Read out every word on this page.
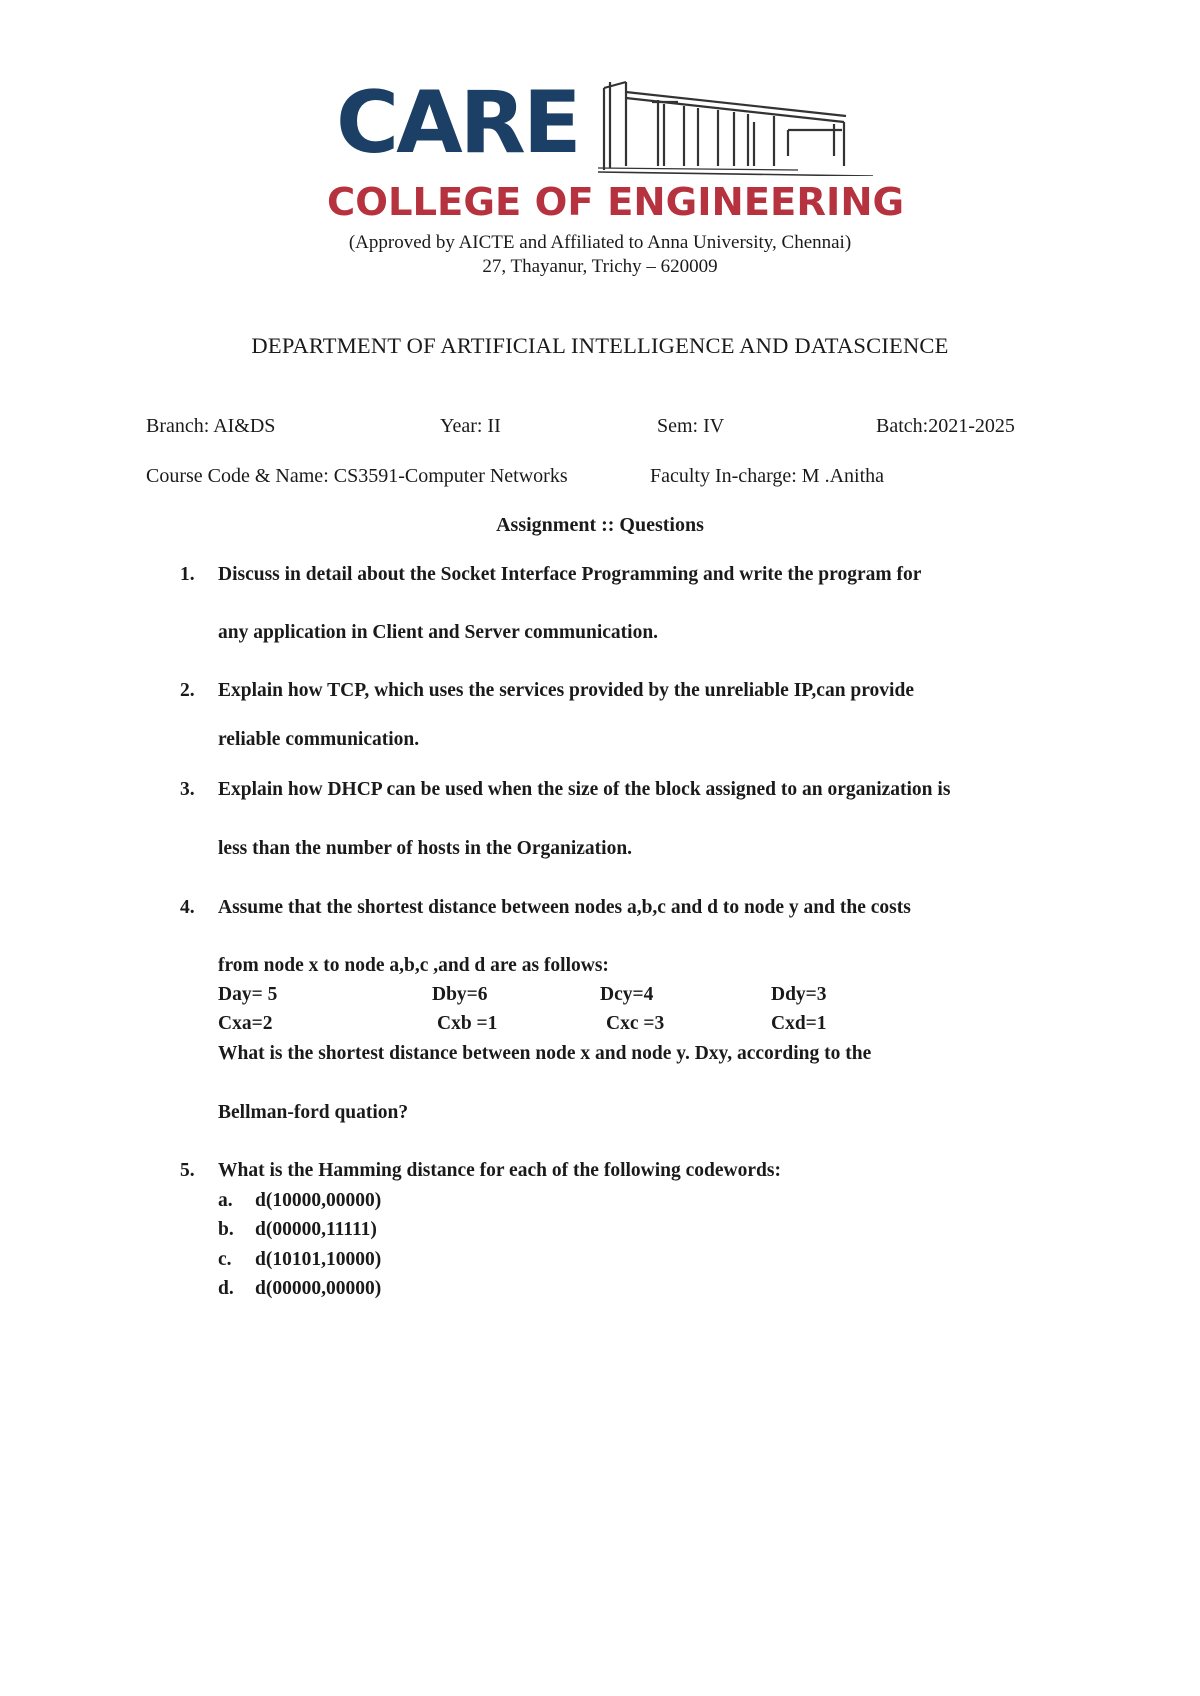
CARE
COLLEGE OF ENGINEERING
(Approved by AICTE and Affiliated to Anna University, Chennai)
27, Thayanur, Trichy – 620009
DEPARTMENT OF ARTIFICIAL INTELLIGENCE AND DATASCIENCE
Branch: AI&DS	Year: II	Sem: IV	Batch:2021-2025
Course Code & Name: CS3591-Computer Networks	Faculty In-charge: M .Anitha
Assignment :: Questions
1. Discuss in detail about the Socket Interface Programming and write the program for
any application in Client and Server communication.
2. Explain how TCP, which uses the services provided by the unreliable IP,can provide
reliable communication.
3. Explain how DHCP can be used when the size of the block assigned to an organization is
less than the number of hosts in the Organization.
4. Assume that the shortest distance between nodes a,b,c and d to node y and the costs
from node x to node a,b,c ,and d are as follows:
Day= 5	Dby=6	Dcy=4	Ddy=3
Cxa=2	Cxb =1	Cxc =3	Cxd=1
What is the shortest distance between node x and node y. Dxy, according to the
Bellman-ford quation?
5. What is the Hamming distance for each of the following codewords:
a. d(10000,00000)
b. d(00000,11111)
c. d(10101,10000)
d. d(00000,00000)
